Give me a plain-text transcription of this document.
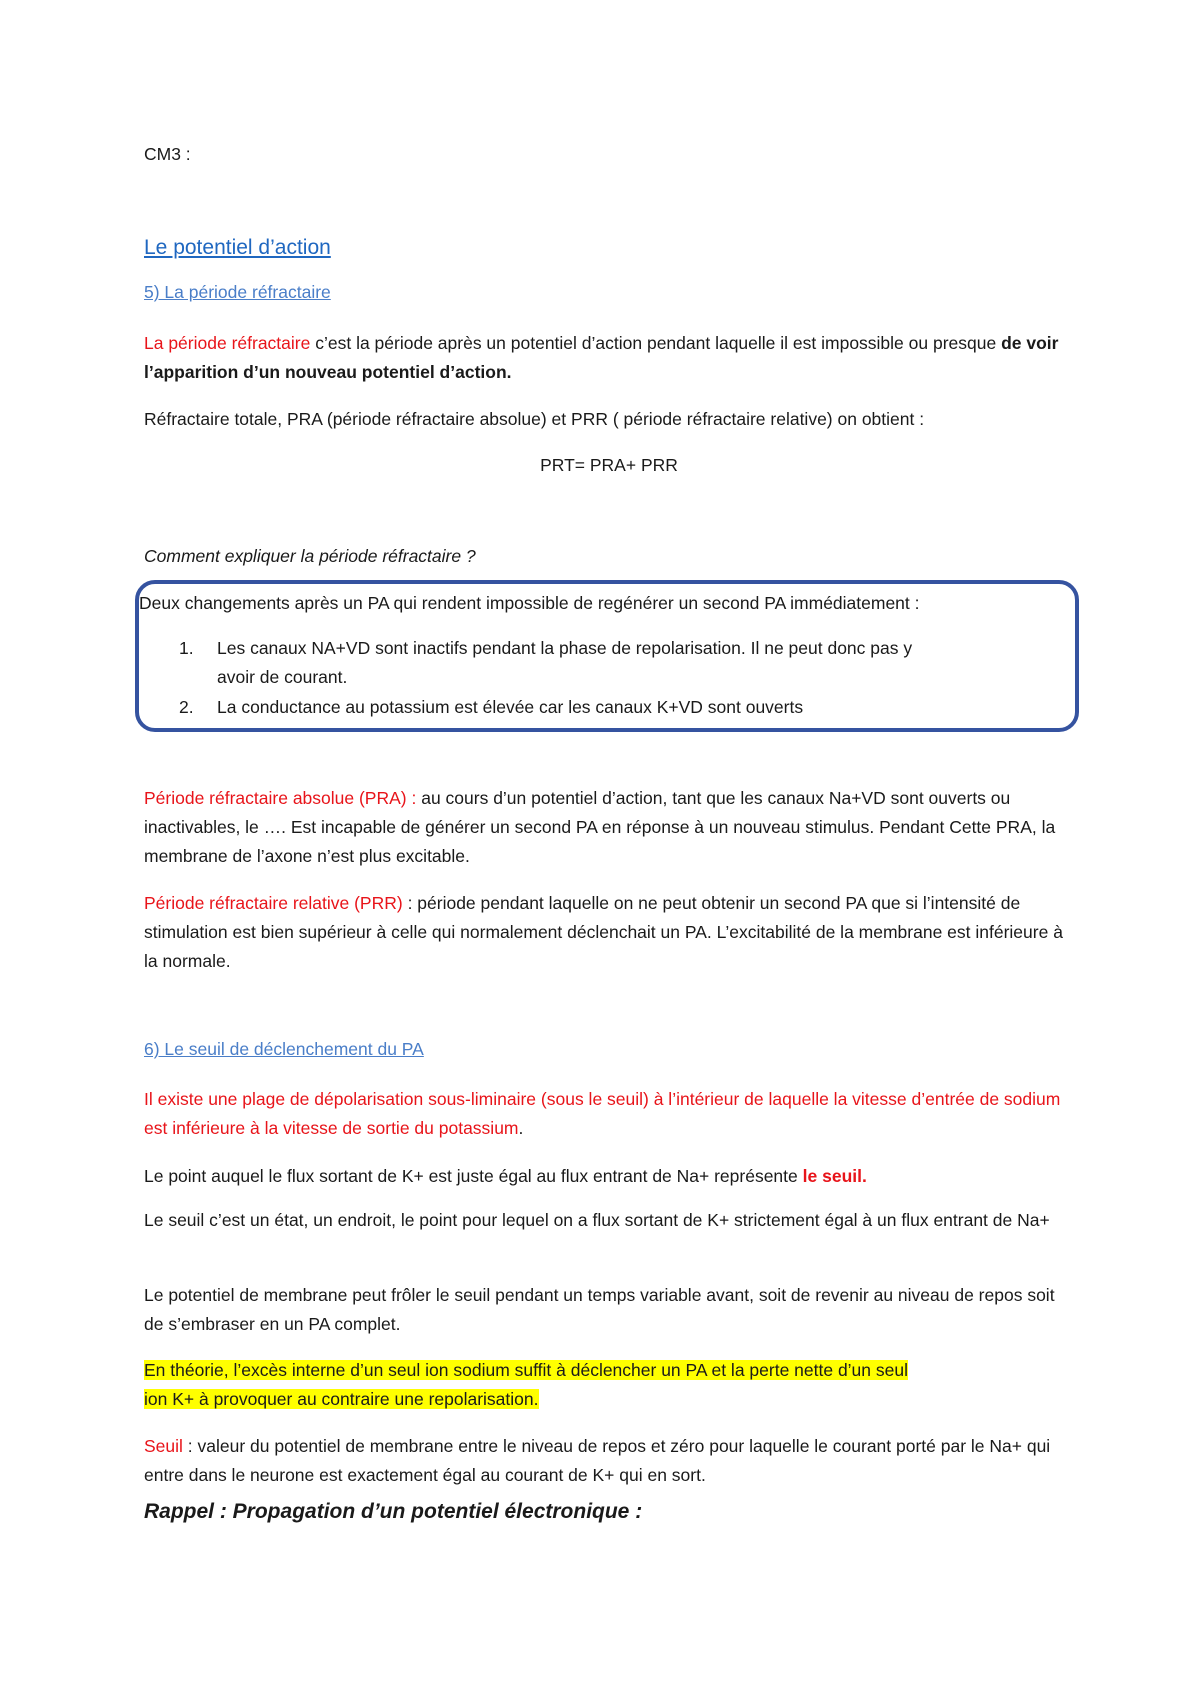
CM3 :

Le potentiel d’action
5) La période réfractaire

La période réfractaire c’est la période après un potentiel d’action pendant laquelle il est impossible ou presque de voir l’apparition d’un nouveau potentiel d’action.

Réfractaire totale, PRA (période réfractaire absolue) et PRR ( période réfractaire relative) on obtient :

PRT= PRA+ PRR

Comment expliquer la période réfractaire ?

Deux changements après un PA qui rendent impossible de regénérer un second PA immédiatement :

1. Les canaux NA+VD sont inactifs pendant la phase de repolarisation. Il ne peut donc pas y

avoir de courant.

2. La conductance au potassium est élevée car les canaux K+VD sont ouverts

Période réfractaire absolue (PRA) : au cours d’un potentiel d’action, tant que les canaux Na+VD sont ouverts ou inactivables, le …. Est incapable de générer un second PA en réponse à un nouveau stimulus. Pendant Cette PRA, la membrane de l’axone n’est plus excitable.

Période réfractaire relative (PRR) : période pendant laquelle on ne peut obtenir un second PA que si l’intensité de stimulation est bien supérieur à celle qui normalement déclenchait un PA. L’excitabilité de la membrane est inférieure à la normale.

6) Le seuil de déclenchement du PA

Il existe une plage de dépolarisation sous-liminaire (sous le seuil) à l’intérieur de laquelle la vitesse d’entrée de sodium est inférieure à la vitesse de sortie du potassium.

Le point auquel le flux sortant de K+ est juste égal au flux entrant de Na+ représente le seuil.

Le seuil c’est un état, un endroit, le point pour lequel on a flux sortant de K+ strictement égal à un flux entrant de Na+

Le potentiel de membrane peut frôler le seuil pendant un temps variable avant, soit de revenir au niveau de repos soit de s’embraser en un PA complet.

En théorie, l’excès interne d’un seul ion sodium suffit à déclencher un PA et la perte nette d’un seul
ion K+ à provoquer au contraire une repolarisation.

Seuil : valeur du potentiel de membrane entre le niveau de repos et zéro pour laquelle le courant porté par le Na+ qui entre dans le neurone est exactement égal au courant de K+ qui en sort.

Rappel : Propagation d’un potentiel électronique :
